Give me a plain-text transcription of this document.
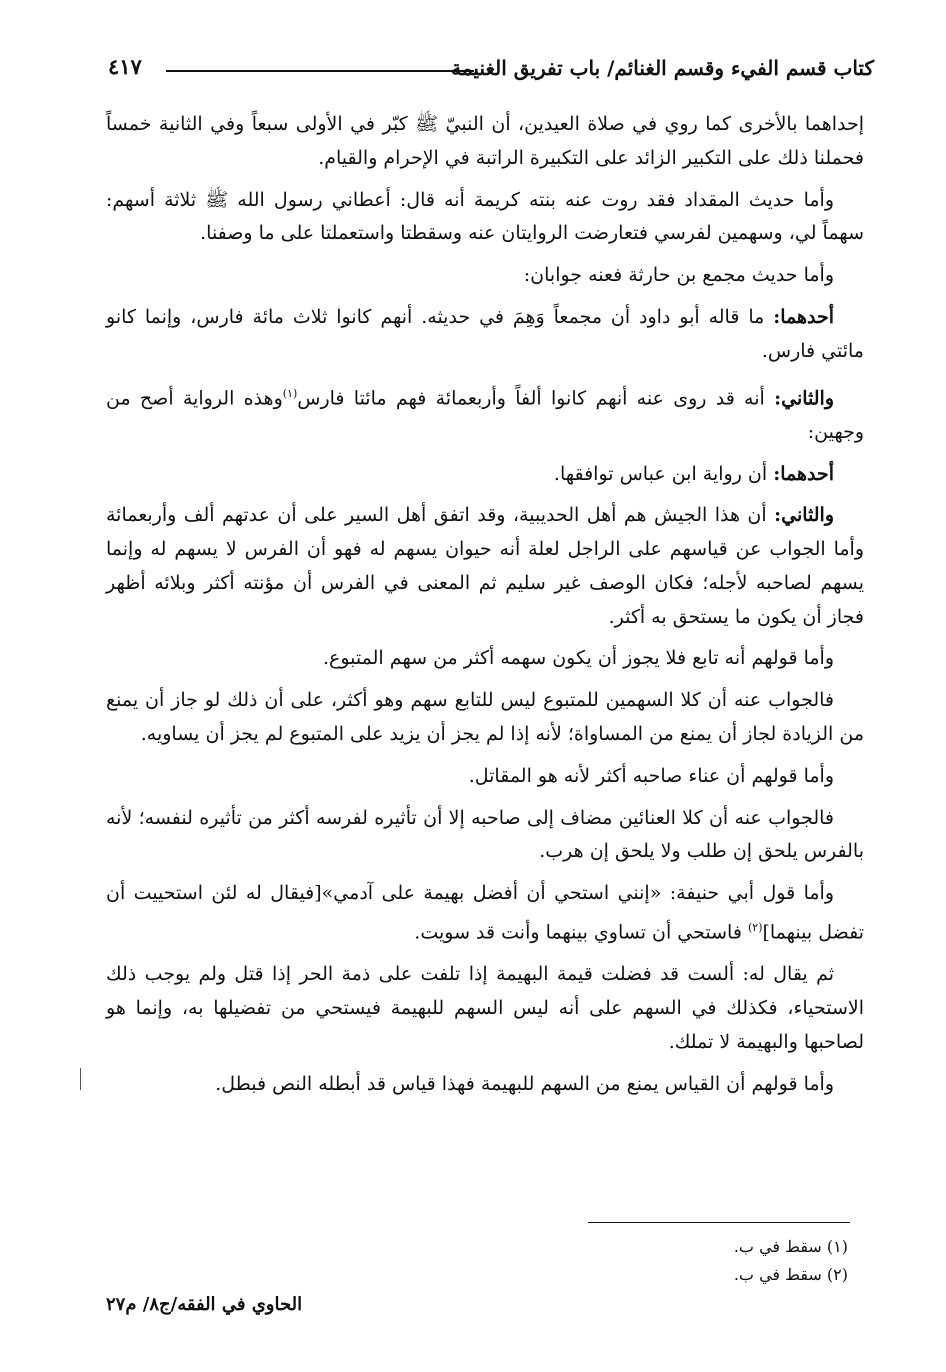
كتاب قسم الفيء وقسم الغنائم/ باب تفريق الغنيمة
٤١٧

إحداهما بالأخرى كما روي في صلاة العيدين، أن النبيّ ﷺ كبّر في الأولى سبعاً وفي الثانية خمساً فحملنا ذلك على التكبير الزائد على التكبيرة الراتبة في الإحرام والقيام.

وأما حديث المقداد فقد روت عنه بنته كريمة أنه قال: أعطاني رسول الله ﷺ ثلاثة أسهم: سهماً لي، وسهمين لفرسي فتعارضت الروايتان عنه وسقطتا واستعملتا على ما وصفنا.

وأما حديث مجمع بن حارثة فعنه جوابان:

أحدهما: ما قاله أبو داود أن مجمعاً وَهِمَ في حديثه. أنهم كانوا ثلاث مائة فارس، وإنما كانو مائتي فارس.

والثاني: أنه قد روى عنه أنهم كانوا ألفاً وأربعمائة فهم مائتا فارس$^{(١)}$وهذه الرواية أصح من وجهين:

أحدهما: أن رواية ابن عباس توافقها.

والثاني: أن هذا الجيش هم أهل الحديبية، وقد اتفق أهل السير على أن عدتهم ألف وأربعمائة وأما الجواب عن قياسهم على الراجل لعلة أنه حيوان يسهم له فهو أن الفرس لا يسهم له وإنما يسهم لصاحبه لأجله؛ فكان الوصف غير سليم ثم المعنى في الفرس أن مؤنته أكثر وبلائه أظهر فجاز أن يكون ما يستحق به أكثر.

وأما قولهم أنه تابع فلا يجوز أن يكون سهمه أكثر من سهم المتبوع.

فالجواب عنه أن كلا السهمين للمتبوع ليس للتابع سهم وهو أكثر، على أن ذلك لو جاز أن يمنع من الزيادة لجاز أن يمنع من المساواة؛ لأنه إذا لم يجز أن يزيد على المتبوع لم يجز أن يساويه.

وأما قولهم أن عناء صاحبه أكثر لأنه هو المقاتل.

فالجواب عنه أن كلا العنائين مضاف إلى صاحبه إلا أن تأثيره لفرسه أكثر من تأثيره لنفسه؛ لأنه بالفرس يلحق إن طلب ولا يلحق إن هرب.

وأما قول أبي حنيفة: «إنني استحي أن أفضل بهيمة على آدمي»[فيقال له لئن استحييت أن تفضل بينهما]$^{(٢)}$ فاستحي أن تساوي بينهما وأنت قد سويت.

ثم يقال له: ألست قد فضلت قيمة البهيمة إذا تلفت على ذمة الحر إذا قتل ولم يوجب ذلك الاستحياء، فكذلك في السهم على أنه ليس السهم للبهيمة فيستحي من تفضيلها به، وإنما هو لصاحبها والبهيمة لا تملك.

وأما قولهم أن القياس يمنع من السهم للبهيمة فهذا قياس قد أبطله النص فبطل.

(١) سقط في ب.
(٢) سقط في ب.
الحاوي في الفقه/ج٨/ م٢٧
